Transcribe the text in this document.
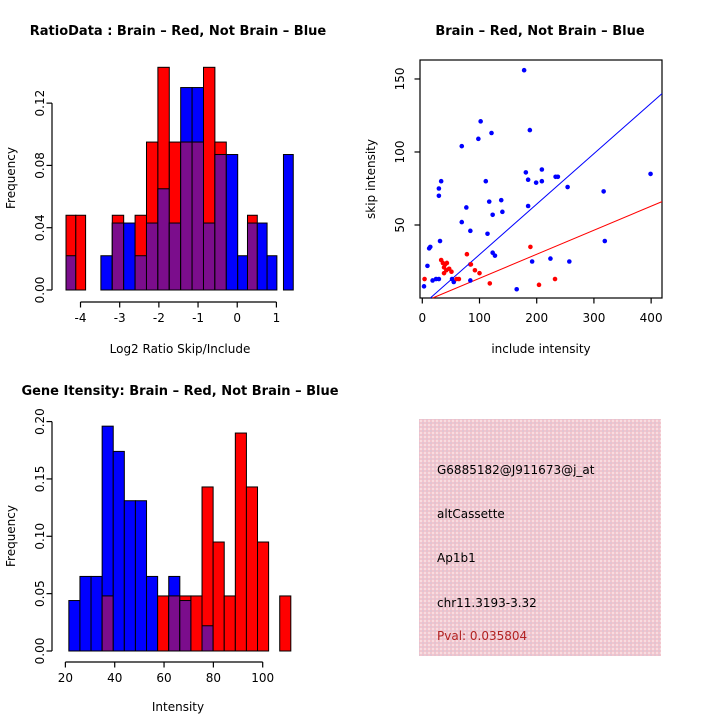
RatioData : Brain – Red, Not Brain – Blue
Log2 Ratio Skip/Include
Frequency
-4 -3 -2 -1 0	1
0.00
0.04
0.08
0.12
Brain – Red, Not Brain – Blue
include intensity
skip intensity
0	100	200	300	400
50
100
150
Gene Itensity: Brain – Red, Not Brain – Blue
Intensity
Frequency
20	40	60	80	100
0.00
0.05
0.10
0.15
0.20
G6885182@J911673@j_at
altCassette
Ap1b1
chr11.3193-3.32
Pval: 0.035804
